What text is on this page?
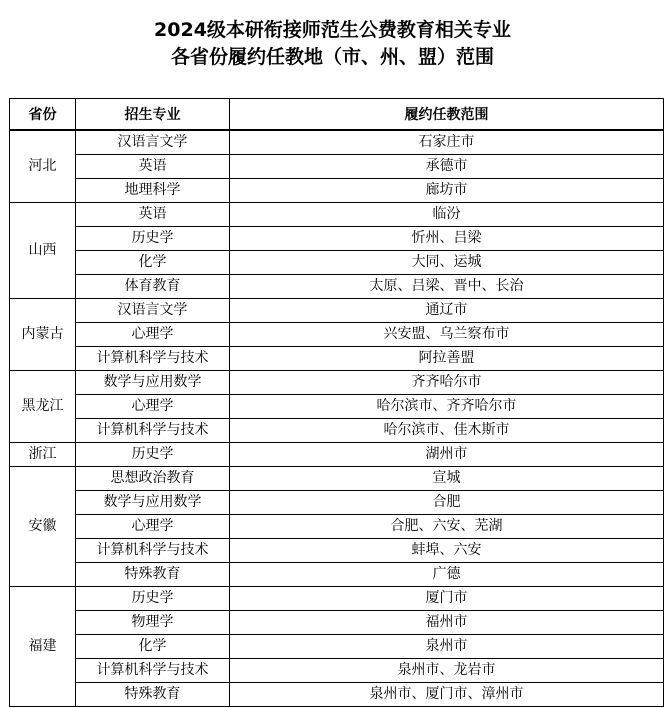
2024级本研衔接师范生公费教育相关专业
各省份履约任教地（市、州、盟）范围
省份	招生专业	履约任教范围
河北	汉语言文学	石家庄市
	英语	承德市
	地理科学	廊坊市
山西	英语	临汾
	历史学	忻州、吕梁
	化学	大同、运城
	体育教育	太原、吕梁、晋中、长治
内蒙古	汉语言文学	通辽市
	心理学	兴安盟、乌兰察布市
	计算机科学与技术	阿拉善盟
黑龙江	数学与应用数学	齐齐哈尔市
	心理学	哈尔滨市、齐齐哈尔市
	计算机科学与技术	哈尔滨市、佳木斯市
浙江	历史学	湖州市
安徽	思想政治教育	宣城
	数学与应用数学	合肥
	心理学	合肥、六安、芜湖
	计算机科学与技术	蚌埠、六安
	特殊教育	广德
福建	历史学	厦门市
	物理学	福州市
	化学	泉州市
	计算机科学与技术	泉州市、龙岩市
	特殊教育	泉州市、厦门市、漳州市
